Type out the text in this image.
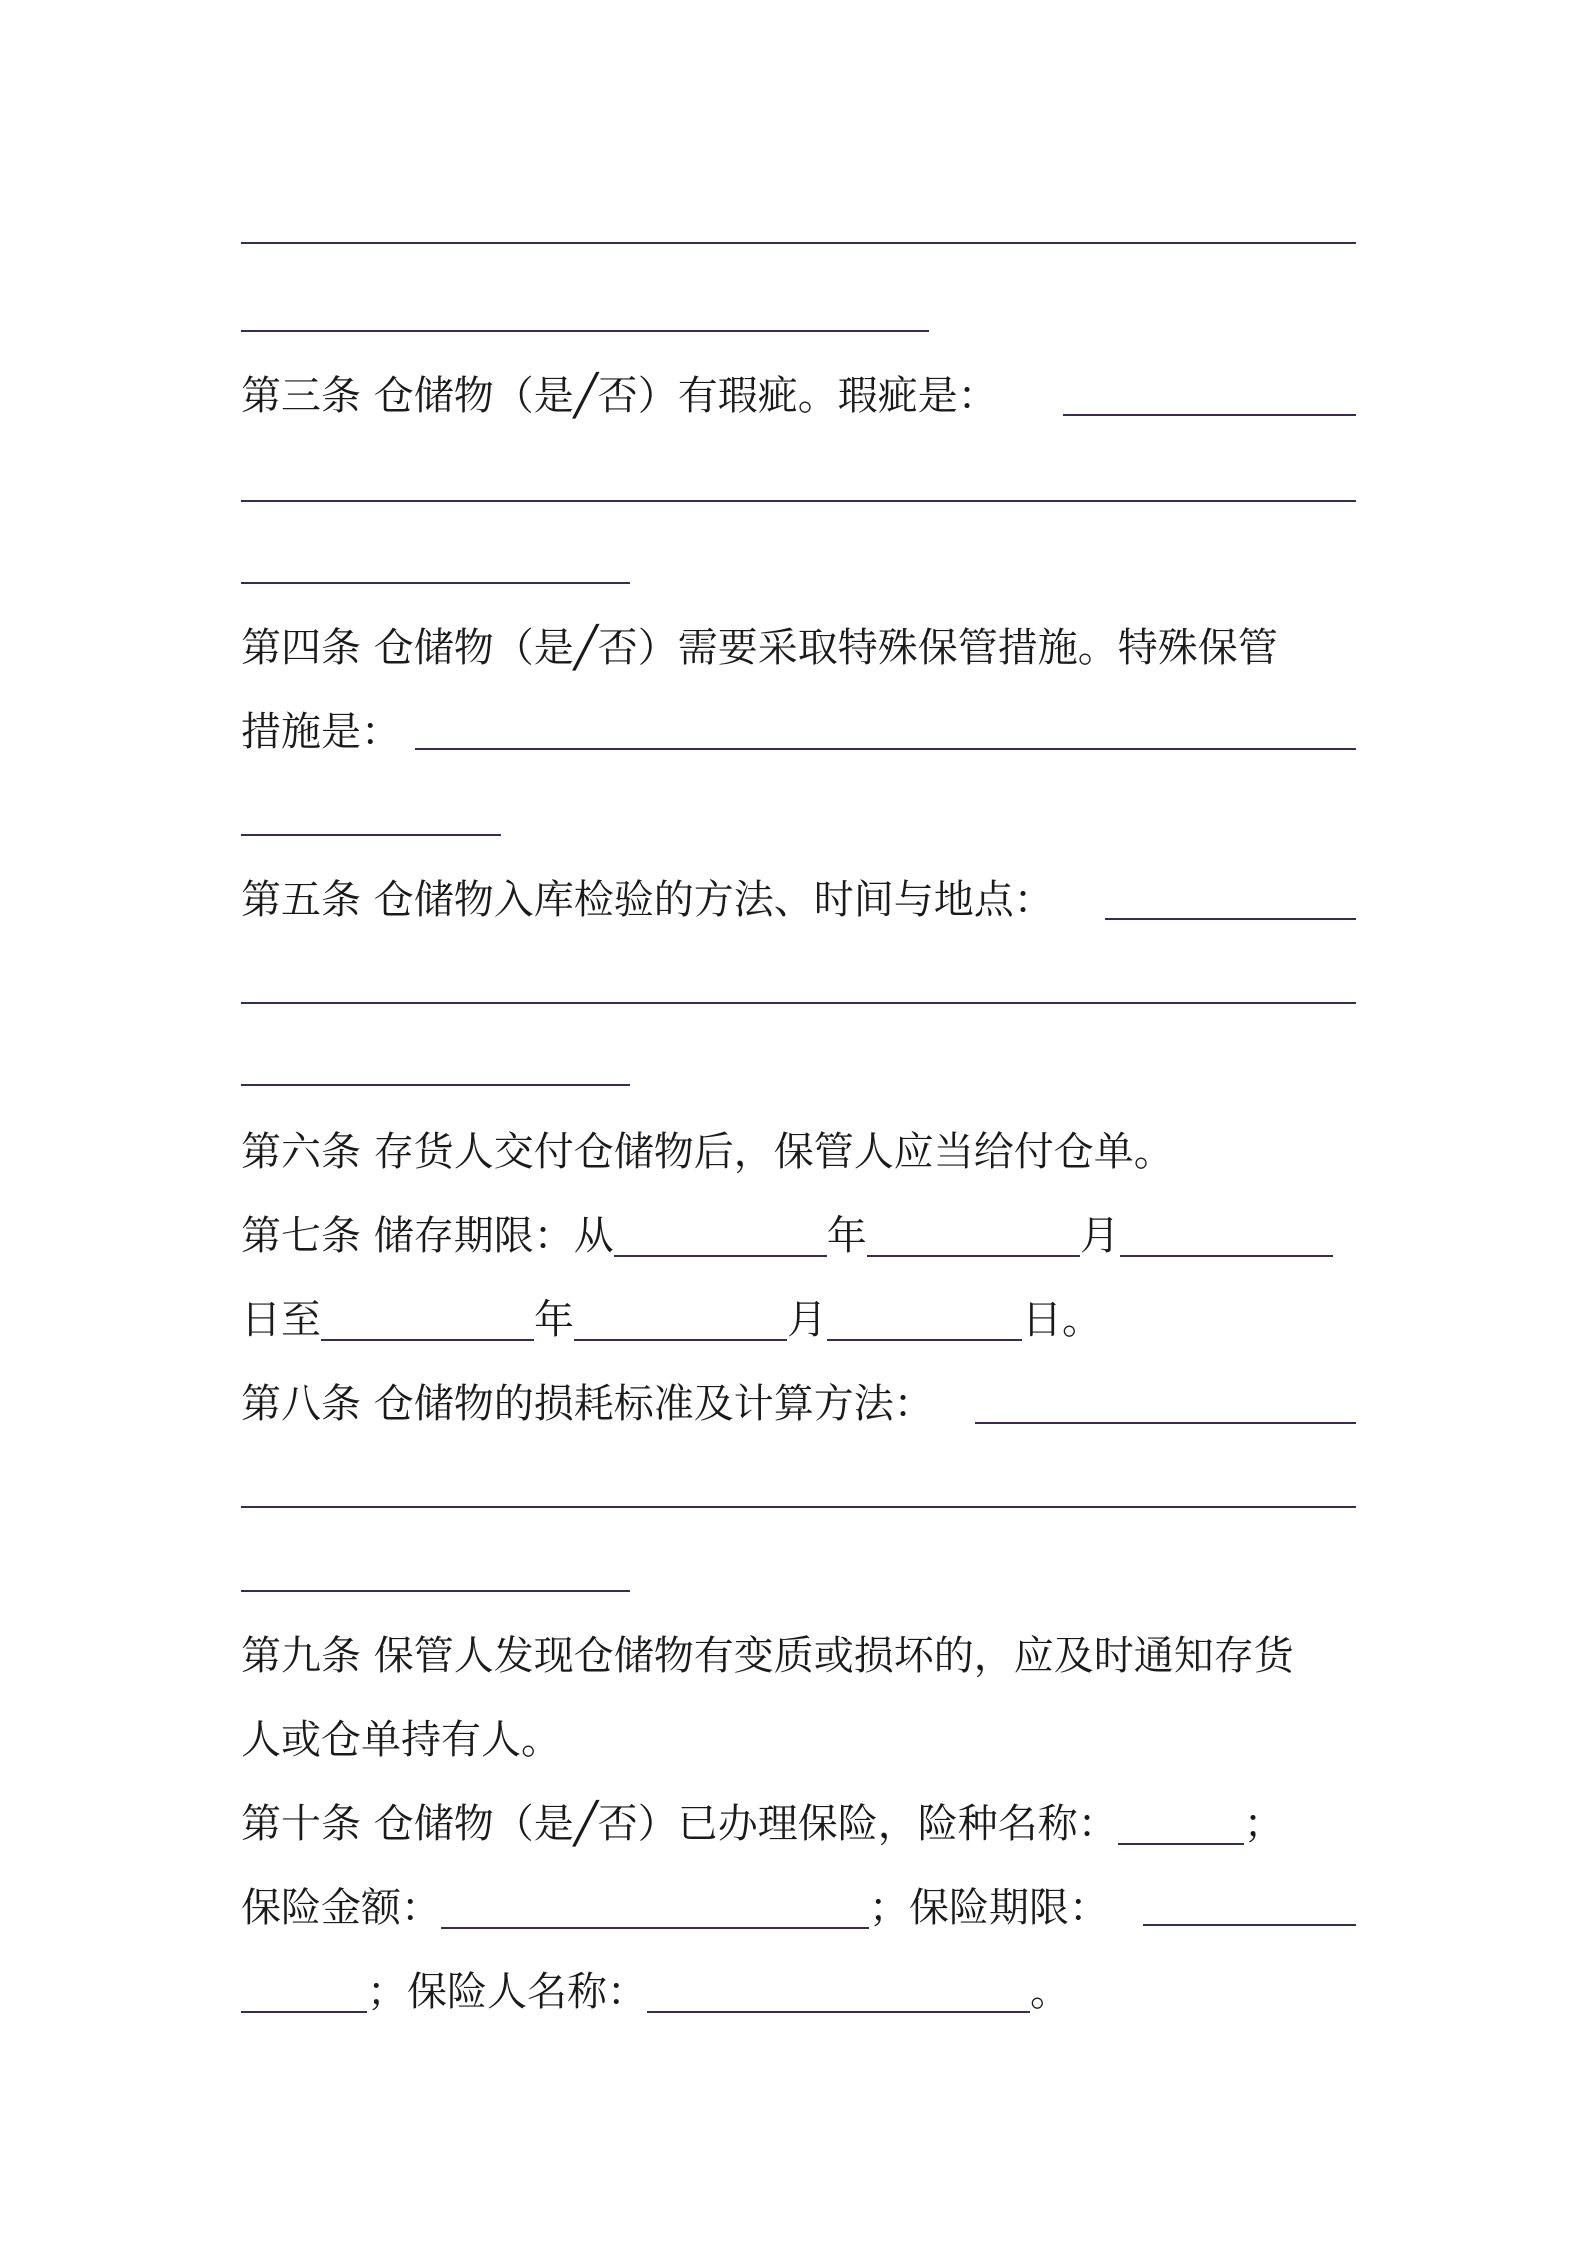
第三条 仓储物（是╱否）有瑕疵。瑕疵是：
第四条 仓储物（是╱否）需要采取特殊保管措施。特殊保管
措施是：
第五条 仓储物入库检验的方法、时间与地点：
第六条 存货人交付仓储物后，保管人应当给付仓单。
第七条 储存期限：从	年	月
日至	年	月	日。
第八条 仓储物的损耗标准及计算方法：
第九条 保管人发现仓储物有变质或损坏的，应及时通知存货
人或仓单持有人。
第十条 仓储物（是╱否）已办理保险，险种名称：	；
保险金额：	；保险期限：
；保险人名称：	。
